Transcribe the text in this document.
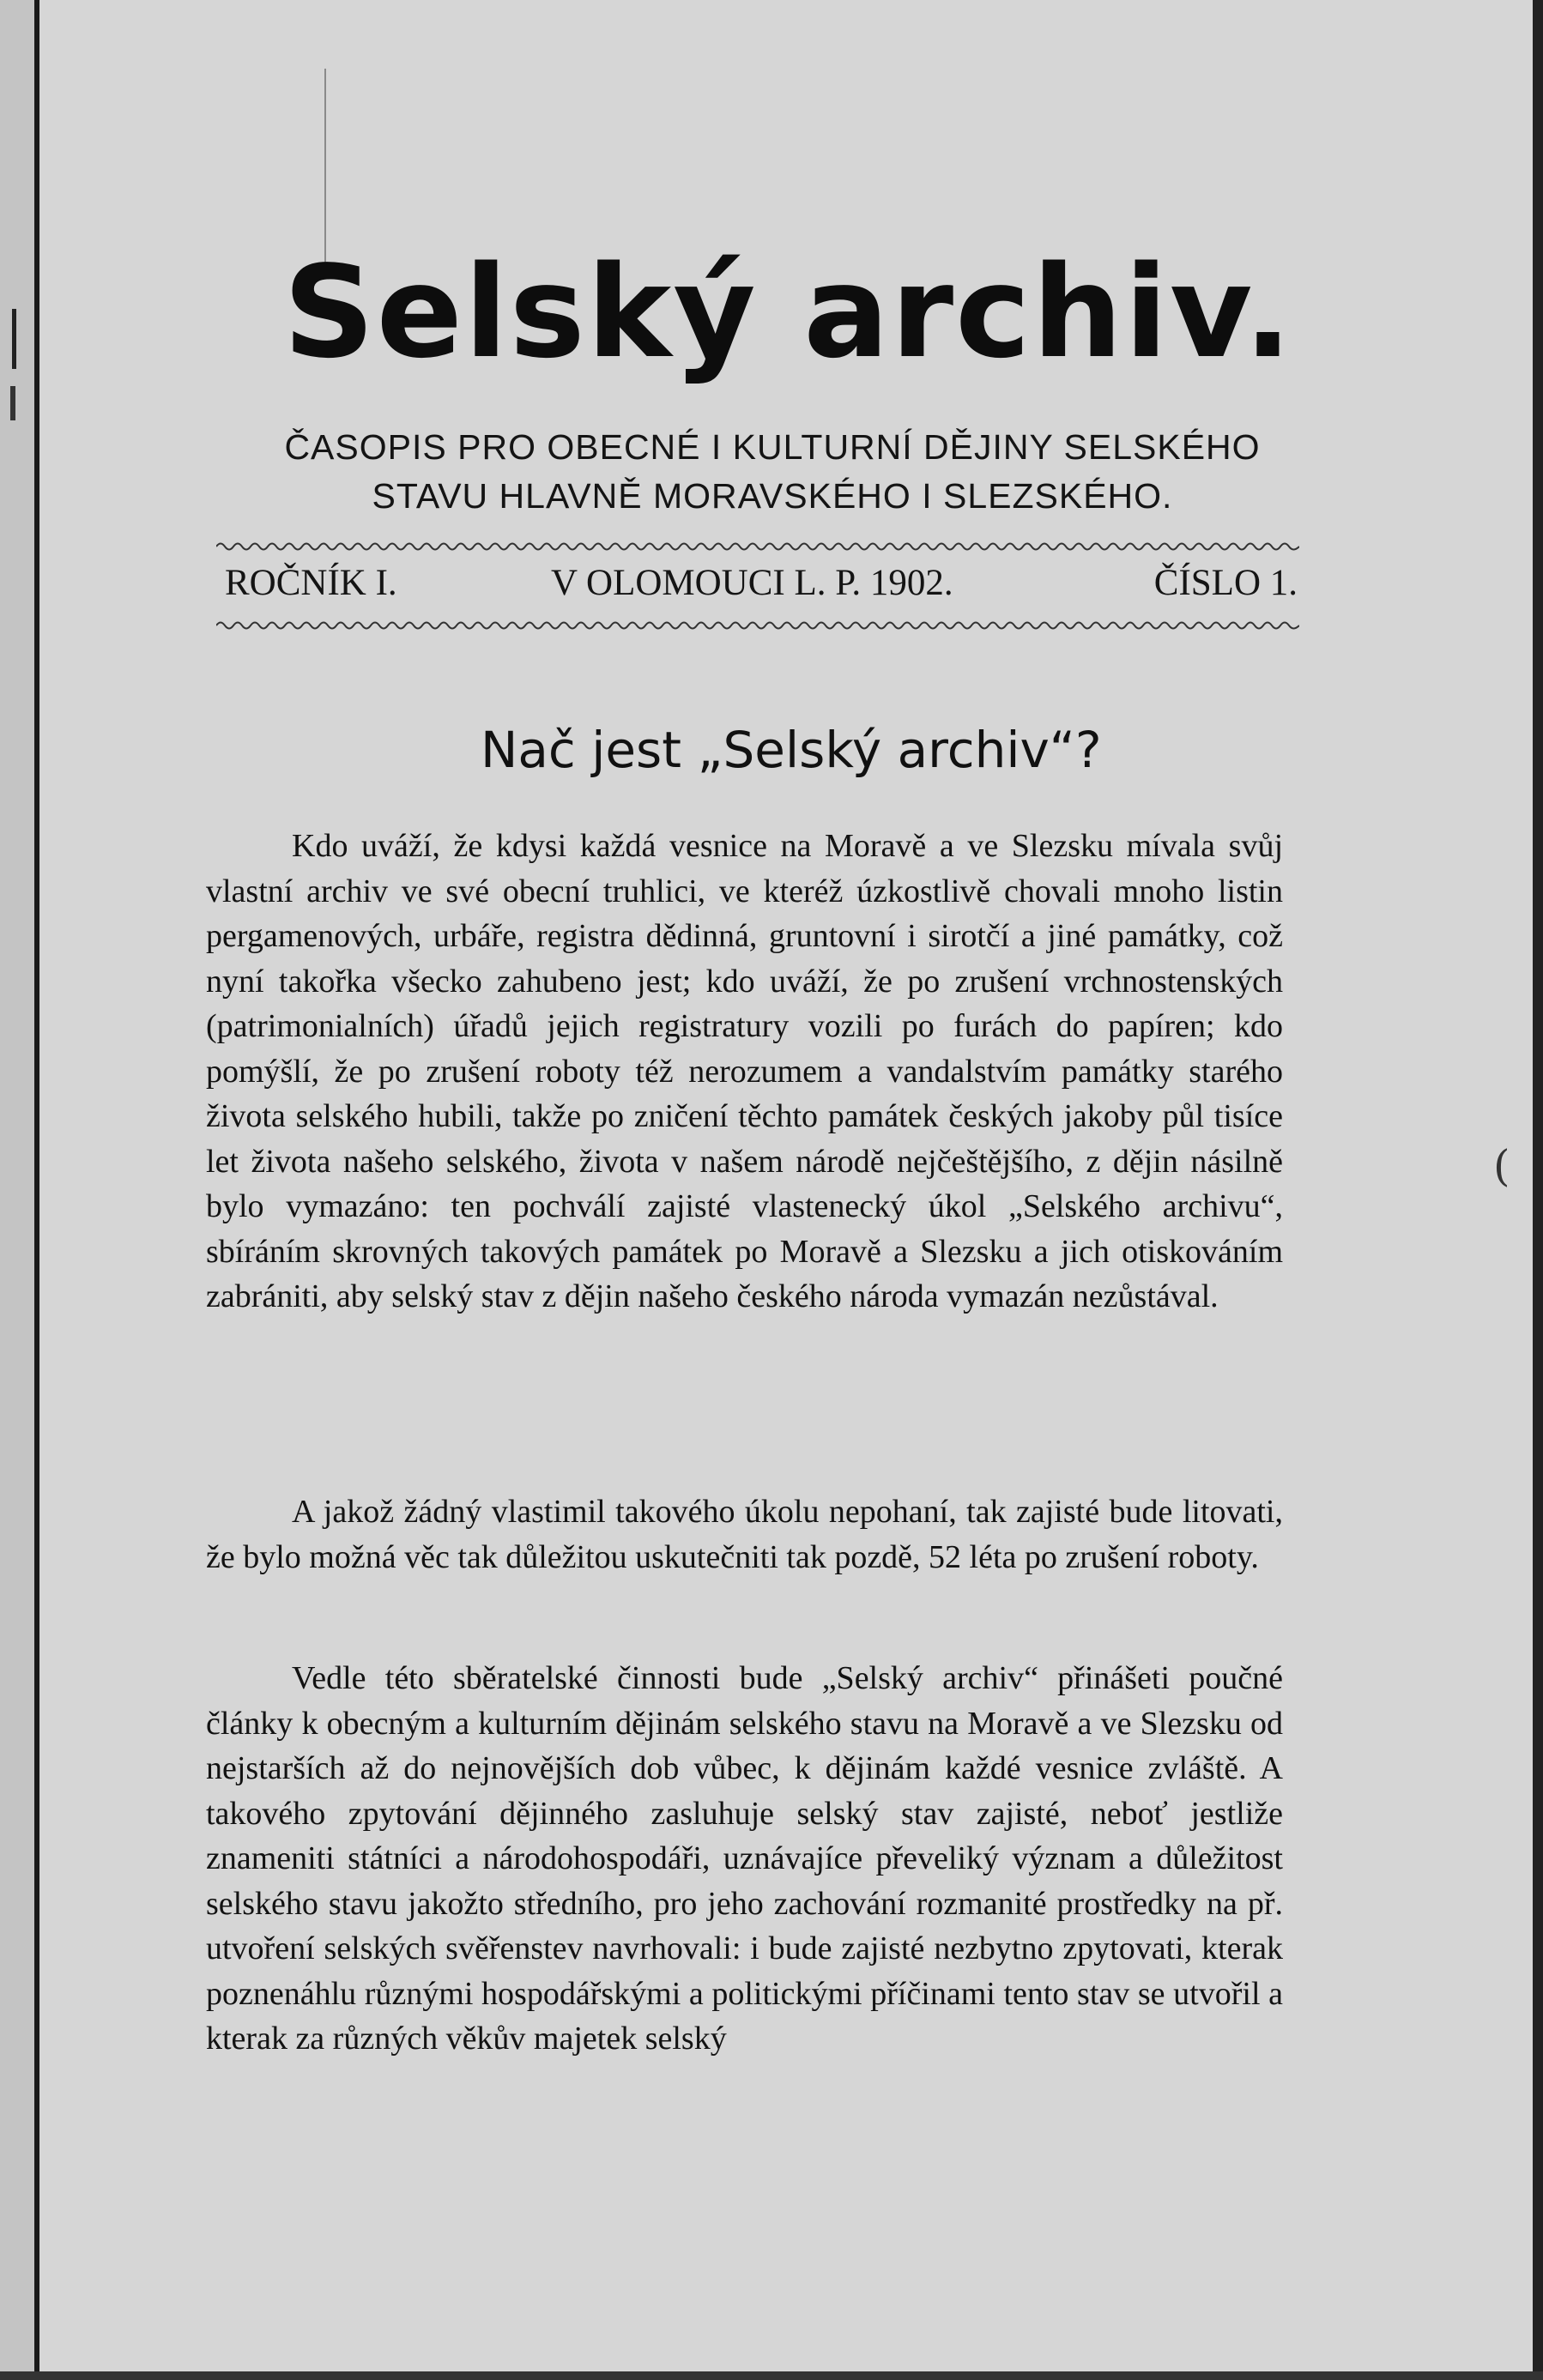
Selský archiv.

ČASOPIS PRO OBECNÉ I KULTURNÍ DĚJINY SELSKÉHO

STAVU HLAVNĚ MORAVSKÉHO I SLEZSKÉHO.

ROČNÍK I.	V OLOMOUCI L. P. 1902.	ČÍSLO 1.
Nač jest „Selský archiv“?

Kdo uváží, že kdysi každá vesnice na Moravě a ve Slezsku mívala svůj vlastní archiv ve své obecní truhlici, ve kteréž úzkostlivě chovali mnoho listin pergamenových, urbáře, registra dědinná, gruntovní i sirotčí a jiné památky, což nyní takořka všecko zahubeno jest; kdo uváží, že po zrušení vrchnostenských (patrimonialních) úřadů jejich registratury vozili po furách do papíren; kdo pomýšlí, že po zrušení roboty též nerozumem a vandalstvím památky starého života selského hubili, takže po zničení těchto památek českých jakoby půl tisíce let života našeho selského, života v našem národě nejčeštějšího, z dějin násilně bylo vymazáno: ten pochválí zajisté vlastenecký úkol „Selského archivu“, sbíráním skrovných takových památek po Moravě a Slezsku a jich otiskováním zabrániti, aby selský stav z dějin našeho českého národa vymazán nezůstával.

A jakož žádný vlastimil takového úkolu nepohaní, tak zajisté bude litovati, že bylo možná věc tak důležitou uskutečniti tak pozdě, 52 léta po zrušení roboty.

Vedle této sběratelské činnosti bude „Selský archiv“ přinášeti poučné články k obecným a kulturním dějinám selského stavu na Moravě a ve Slezsku od nejstarších až do nejnovějších dob vůbec, k dějinám každé vesnice zvláště. A takového zpytování dějinného zasluhuje selský stav zajisté, neboť jestliže znameniti státníci a národohospodáři, uznávajíce převeliký význam a důležitost selského stavu jakožto středního, pro jeho zachování rozmanité prostředky na př. utvoření selských svěřenstev navrhovali: i bude zajisté nezbytno zpytovati, kterak poznenáhlu různými hospodářskými a politickými příčinami tento stav se utvořil a kterak za různých věkův majetek selský

(
